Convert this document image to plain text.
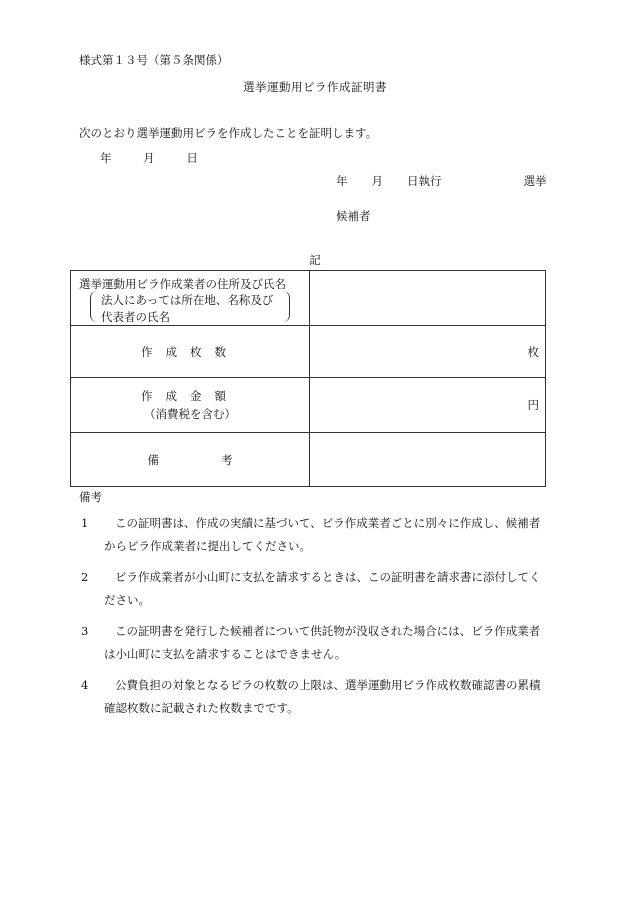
様式第１３号（第５条関係）
選挙運動用ビラ作成証明書
次のとおり選挙運動用ビラを作成したことを証明します。
年	月	日
年 月 日執行	選挙
候補者
記
選挙運動用ビラ作成業者の住所及び氏名
法人にあっては所在地、名称及び
代表者の氏名	

作成枚数	枚
作成金額
（消費税を含む）	円
備 考	
備考
1	この証明書は、作成の実績に基づいて、ビラ作成業者ごとに別々に作成し、候補者からビラ作成業者に提出してください。
2	ビラ作成業者が小山町に支払を請求するときは、この証明書を請求書に添付してください。
3	この証明書を発行した候補者について供託物が没収された場合には、ビラ作成業者は小山町に支払を請求することはできません。
4	公費負担の対象となるビラの枚数の上限は、選挙運動用ビラ作成枚数確認書の累積確認枚数に記載された枚数までです。
